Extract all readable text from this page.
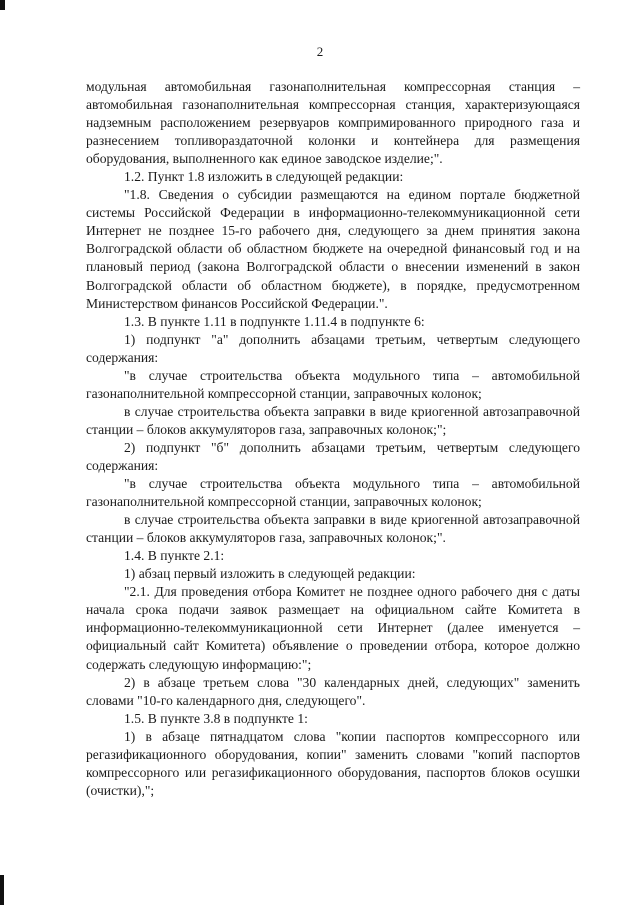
2

модульная автомобильная газонаполнительная компрессорная станция – автомобильная газонаполнительная компрессорная станция, характеризующаяся надземным расположением резервуаров компримированного природного газа и разнесением топливораздаточной колонки и контейнера для размещения оборудования, выполненного как единое заводское изделие;".

1.2. Пункт 1.8 изложить в следующей редакции:

"1.8. Сведения о субсидии размещаются на едином портале бюджетной системы Российской Федерации в информационно-телекоммуникационной сети Интернет не позднее 15-го рабочего дня, следующего за днем принятия закона Волгоградской области об областном бюджете на очередной финансовый год и на плановый период (закона Волгоградской области о внесении изменений в закон Волгоградской области об областном бюджете), в порядке, предусмотренном Министерством финансов Российской Федерации.".

1.3. В пункте 1.11 в подпункте 1.11.4 в подпункте 6:

1) подпункт "а" дополнить абзацами третьим, четвертым следующего содержания:

"в случае строительства объекта модульного типа – автомобильной газонаполнительной компрессорной станции, заправочных колонок;

в случае строительства объекта заправки в виде криогенной автозаправочной станции – блоков аккумуляторов газа, заправочных колонок;";

2) подпункт "б" дополнить абзацами третьим, четвертым следующего содержания:

"в случае строительства объекта модульного типа – автомобильной газонаполнительной компрессорной станции, заправочных колонок;

в случае строительства объекта заправки в виде криогенной автозаправочной станции – блоков аккумуляторов газа, заправочных колонок;".

1.4. В пункте 2.1:

1) абзац первый изложить в следующей редакции:

"2.1. Для проведения отбора Комитет не позднее одного рабочего дня с даты начала срока подачи заявок размещает на официальном сайте Комитета в информационно-телекоммуникационной сети Интернет (далее именуется – официальный сайт Комитета) объявление о проведении отбора, которое должно содержать следующую информацию:";

2) в абзаце третьем слова "30 календарных дней, следующих" заменить словами "10-го календарного дня, следующего".

1.5. В пункте 3.8 в подпункте 1:

1) в абзаце пятнадцатом слова "копии паспортов компрессорного или регазификационного оборудования, копии" заменить словами "копий паспортов компрессорного или регазификационного оборудования, паспортов блоков осушки (очистки),";
